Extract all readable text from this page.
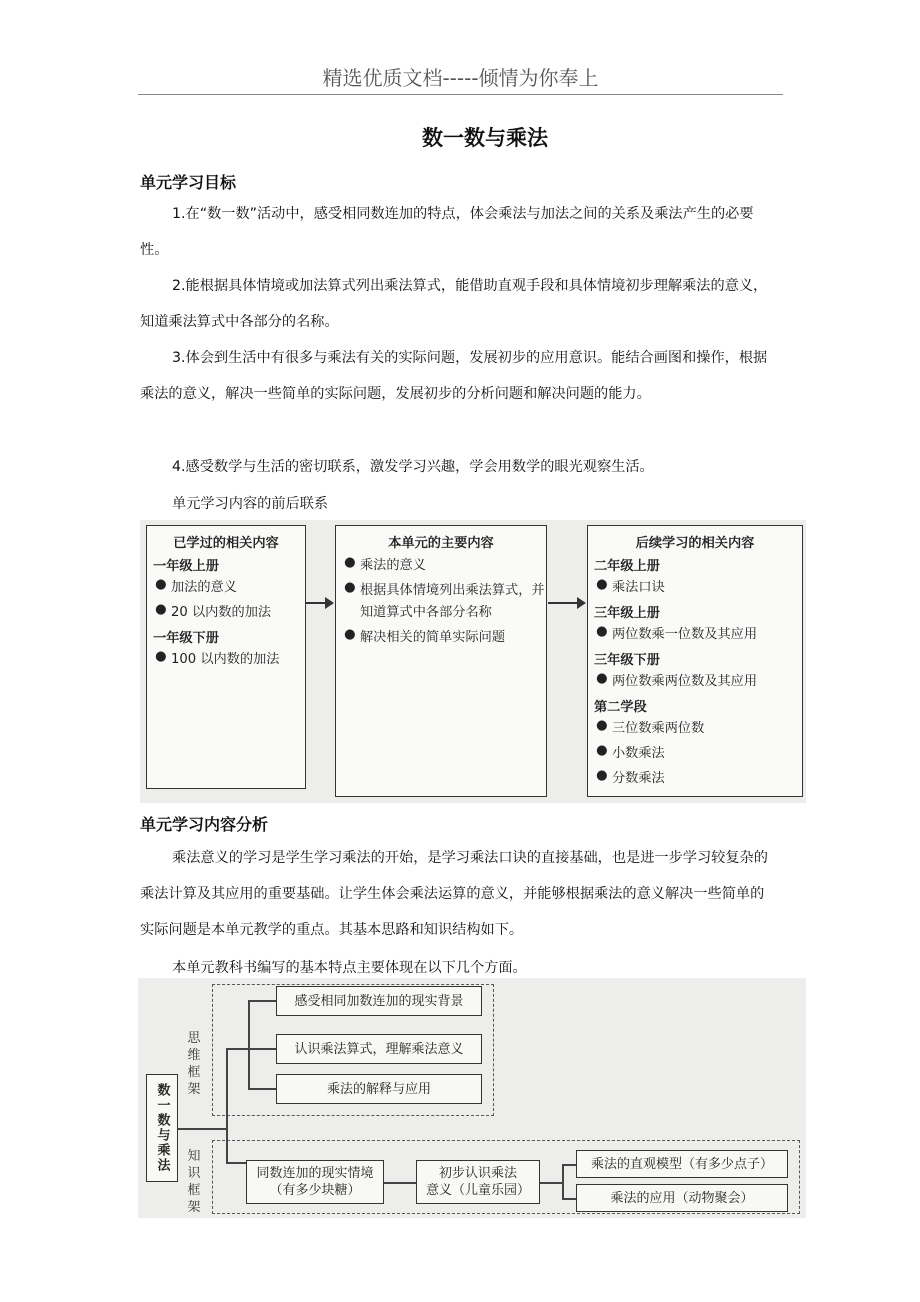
精选优质文档-----倾情为你奉上
数一数与乘法
单元学习目标
1.在“数一数”活动中，感受相同数连加的特点，体会乘法与加法之间的关系及乘法产生的必要性。
2.能根据具体情境或加法算式列出乘法算式，能借助直观手段和具体情境初步理解乘法的意义，知道乘法算式中各部分的名称。
3.体会到生活中有很多与乘法有关的实际问题，发展初步的应用意识。能结合画图和操作，根据乘法的意义，解决一些简单的实际问题，发展初步的分析问题和解决问题的能力。
4.感受数学与生活的密切联系，激发学习兴趣，学会用数学的眼光观察生活。
单元学习内容的前后联系
已学过的相关内容
一年级上册
● 加法的意义
● 20 以内数的加法
一年级下册
● 100 以内数的加法
本单元的主要内容
● 乘法的意义
● 根据具体情境列出乘法算式，并知道算式中各部分名称
● 解决相关的简单实际问题
后续学习的相关内容
二年级上册
● 乘法口诀
三年级上册
● 两位数乘一位数及其应用
三年级下册
● 两位数乘两位数及其应用
第二学段
● 三位数乘两位数
● 小数乘法
● 分数乘法
单元学习内容分析
乘法意义的学习是学生学习乘法的开始，是学习乘法口诀的直接基础，也是进一步学习较复杂的乘法计算及其应用的重要基础。让学生体会乘法运算的意义，并能够根据乘法的意义解决一些简单的实际问题是本单元教学的重点。其基本思路和知识结构如下。
本单元教科书编写的基本特点主要体现在以下几个方面。
数一数与乘法
思维框架
知识框架
感受相同加数连加的现实背景
认识乘法算式，理解乘法意义
乘法的解释与应用
同数连加的现实情境
（有多少块糖）
初步认识乘法
意义（儿童乐园）
乘法的直观模型（有多少点子）
乘法的应用（动物聚会）
